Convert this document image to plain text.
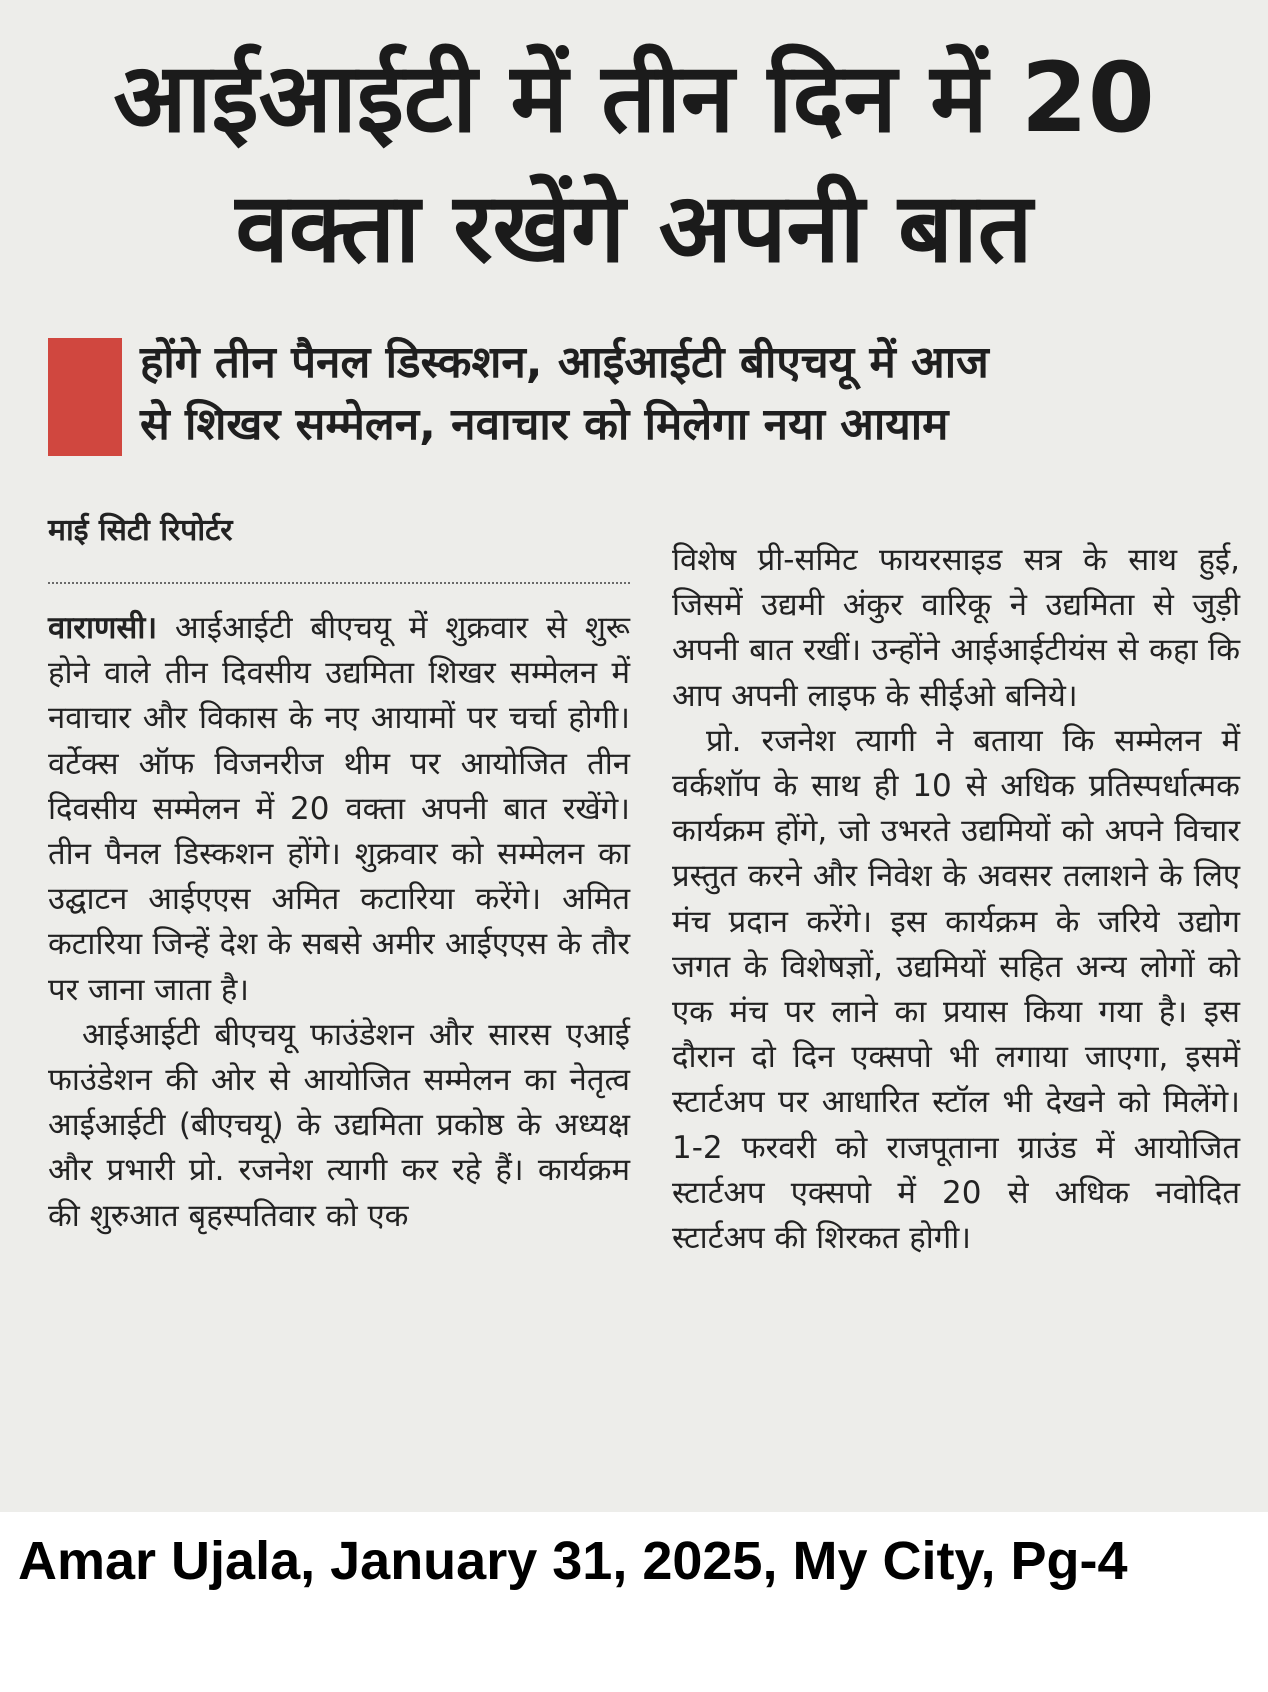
आईआईटी में तीन दिन में 20
वक्ता रखेंगे अपनी बात
होंगे तीन पैनल डिस्कशन, आईआईटी बीएचयू में आज
से शिखर सम्मेलन, नवाचार को मिलेगा नया आयाम
माई सिटी रिपोर्टर

वाराणसी। आईआईटी बीएचयू में शुक्रवार से शुरू होने वाले तीन दिवसीय उद्यमिता शिखर सम्मेलन में नवाचार और विकास के नए आयामों पर चर्चा होगी। वर्टेक्स ऑफ विजनरीज थीम पर आयोजित तीन दिवसीय सम्मेलन में 20 वक्ता अपनी बात रखेंगे। तीन पैनल डिस्कशन होंगे। शुक्रवार को सम्मेलन का उद्घाटन आईएएस अमित कटारिया करेंगे। अमित कटारिया जिन्हें देश के सबसे अमीर आईएएस के तौर पर जाना जाता है।

आईआईटी बीएचयू फाउंडेशन और सारस एआई फाउंडेशन की ओर से आयोजित सम्मेलन का नेतृत्व आईआईटी (बीएचयू) के उद्यमिता प्रकोष्ठ के अध्यक्ष और प्रभारी प्रो. रजनेश त्यागी कर रहे हैं। कार्यक्रम की शुरुआत बृहस्पतिवार को एक

विशेष प्री-समिट फायरसाइड सत्र के साथ हुई, जिसमें उद्यमी अंकुर वारिकू ने उद्यमिता से जुड़ी अपनी बात रखीं। उन्होंने आईआईटीयंस से कहा कि आप अपनी लाइफ के सीईओ बनिये।

प्रो. रजनेश त्यागी ने बताया कि सम्मेलन में वर्कशॉप के साथ ही 10 से अधिक प्रतिस्पर्धात्मक कार्यक्रम होंगे, जो उभरते उद्यमियों को अपने विचार प्रस्तुत करने और निवेश के अवसर तलाशने के लिए मंच प्रदान करेंगे। इस कार्यक्रम के जरिये उद्योग जगत के विशेषज्ञों, उद्यमियों सहित अन्य लोगों को एक मंच पर लाने का प्रयास किया गया है। इस दौरान दो दिन एक्सपो भी लगाया जाएगा, इसमें स्टार्टअप पर आधारित स्टॉल भी देखने को मिलेंगे। 1-2 फरवरी को राजपूताना ग्राउंड में आयोजित स्टार्टअप एक्सपो में 20 से अधिक नवोदित स्टार्टअप की शिरकत होगी।

Amar Ujala, January 31, 2025, My City, Pg-4
